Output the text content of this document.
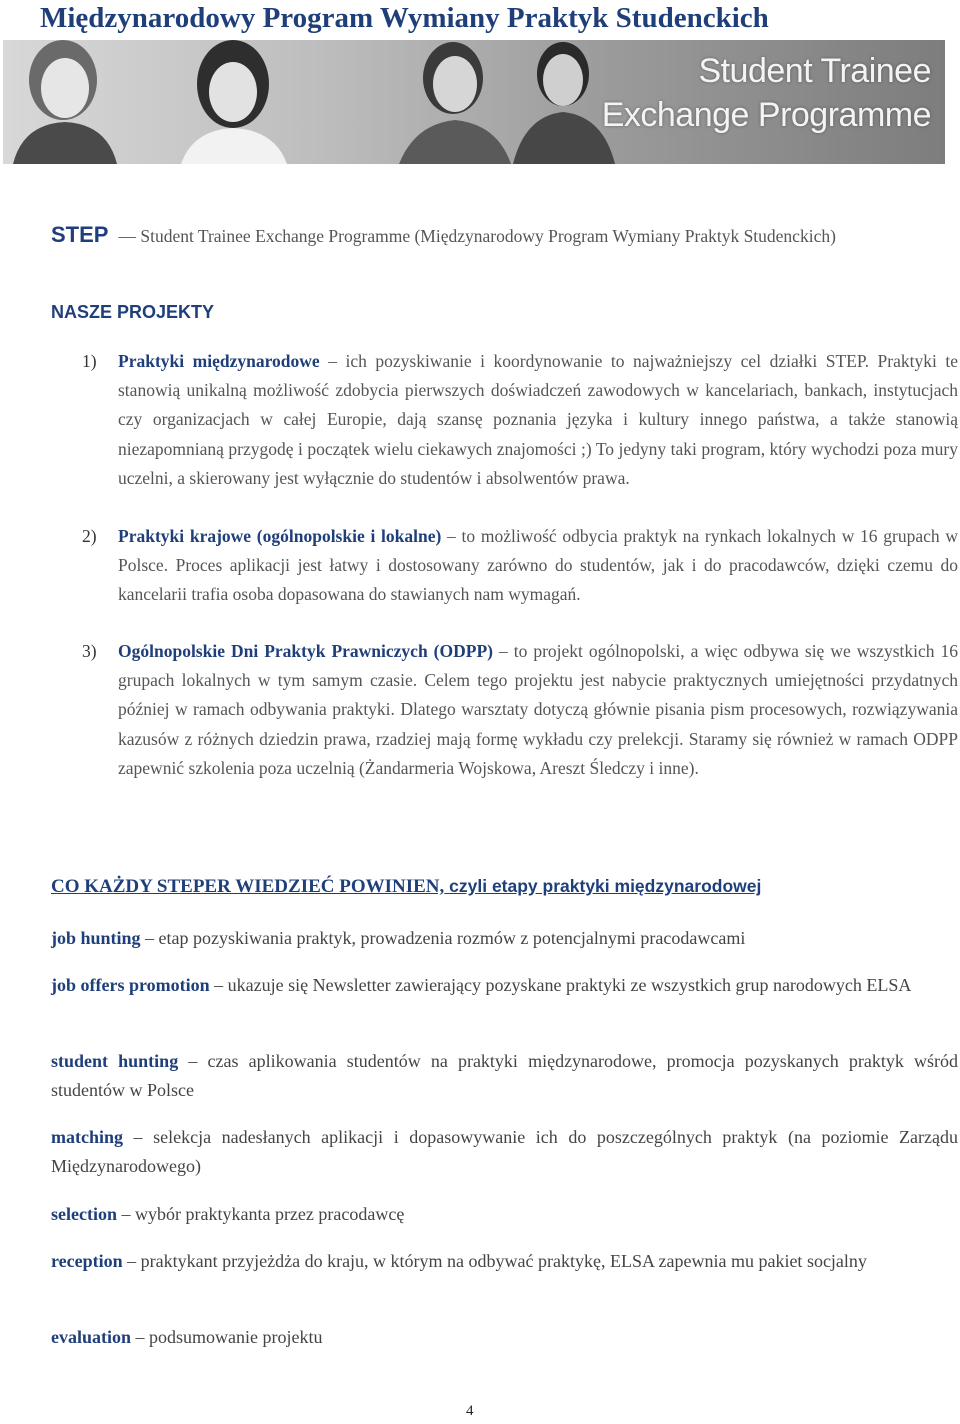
Międzynarodowy Program Wymiany Praktyk Studenckich
Student Trainee
Exchange Programme

STEP — Student Trainee Exchange Programme (Międzynarodowy Program Wymiany Praktyk Studenckich)

NASZE PROJEKTY
1) Praktyki międzynarodowe – ich pozyskiwanie i koordynowanie to najważniejszy cel działki STEP. Praktyki te stanowią unikalną możliwość zdobycia pierwszych doświadczeń zawodowych w kancelariach, bankach, instytucjach czy organizacjach w całej Europie, dają szansę poznania języka i kultury innego państwa, a także stanowią niezapomnianą przygodę i początek wielu ciekawych znajomości ;) To jedyny taki program, który wychodzi poza mury uczelni, a skierowany jest wyłącznie do studentów i absolwentów prawa.
2) Praktyki krajowe (ogólnopolskie i lokalne) – to możliwość odbycia praktyk na rynkach lokalnych w 16 grupach w Polsce. Proces aplikacji jest łatwy i dostosowany zarówno do studentów, jak i do pracodawców, dzięki czemu do kancelarii trafia osoba dopasowana do stawianych nam wymagań.
3) Ogólnopolskie Dni Praktyk Prawniczych (ODPP) – to projekt ogólnopolski, a więc odbywa się we wszystkich 16 grupach lokalnych w tym samym czasie. Celem tego projektu jest nabycie praktycznych umiejętności przydatnych później w ramach odbywania praktyki. Dlatego warsztaty dotyczą głównie pisania pism procesowych, rozwiązywania kazusów z różnych dziedzin prawa, rzadziej mają formę wykładu czy prelekcji. Staramy się również w ramach ODPP zapewnić szkolenia poza uczelnią (Żandarmeria Wojskowa, Areszt Śledczy i inne).
CO KAŻDY STEPER WIEDZIEĆ POWINIEN, czyli etapy praktyki międzynarodowej

job hunting – etap pozyskiwania praktyk, prowadzenia rozmów z potencjalnymi pracodawcami

job offers promotion – ukazuje się Newsletter zawierający pozyskane praktyki ze wszystkich grup narodowych ELSA

student hunting – czas aplikowania studentów na praktyki międzynarodowe, promocja pozyskanych praktyk wśród studentów w Polsce

matching – selekcja nadesłanych aplikacji i dopasowywanie ich do poszczególnych praktyk (na poziomie Zarządu Międzynarodowego)

selection – wybór praktykanta przez pracodawcę

reception – praktykant przyjeżdża do kraju, w którym na odbywać praktykę, ELSA zapewnia mu pakiet socjalny

evaluation – podsumowanie projektu

4
